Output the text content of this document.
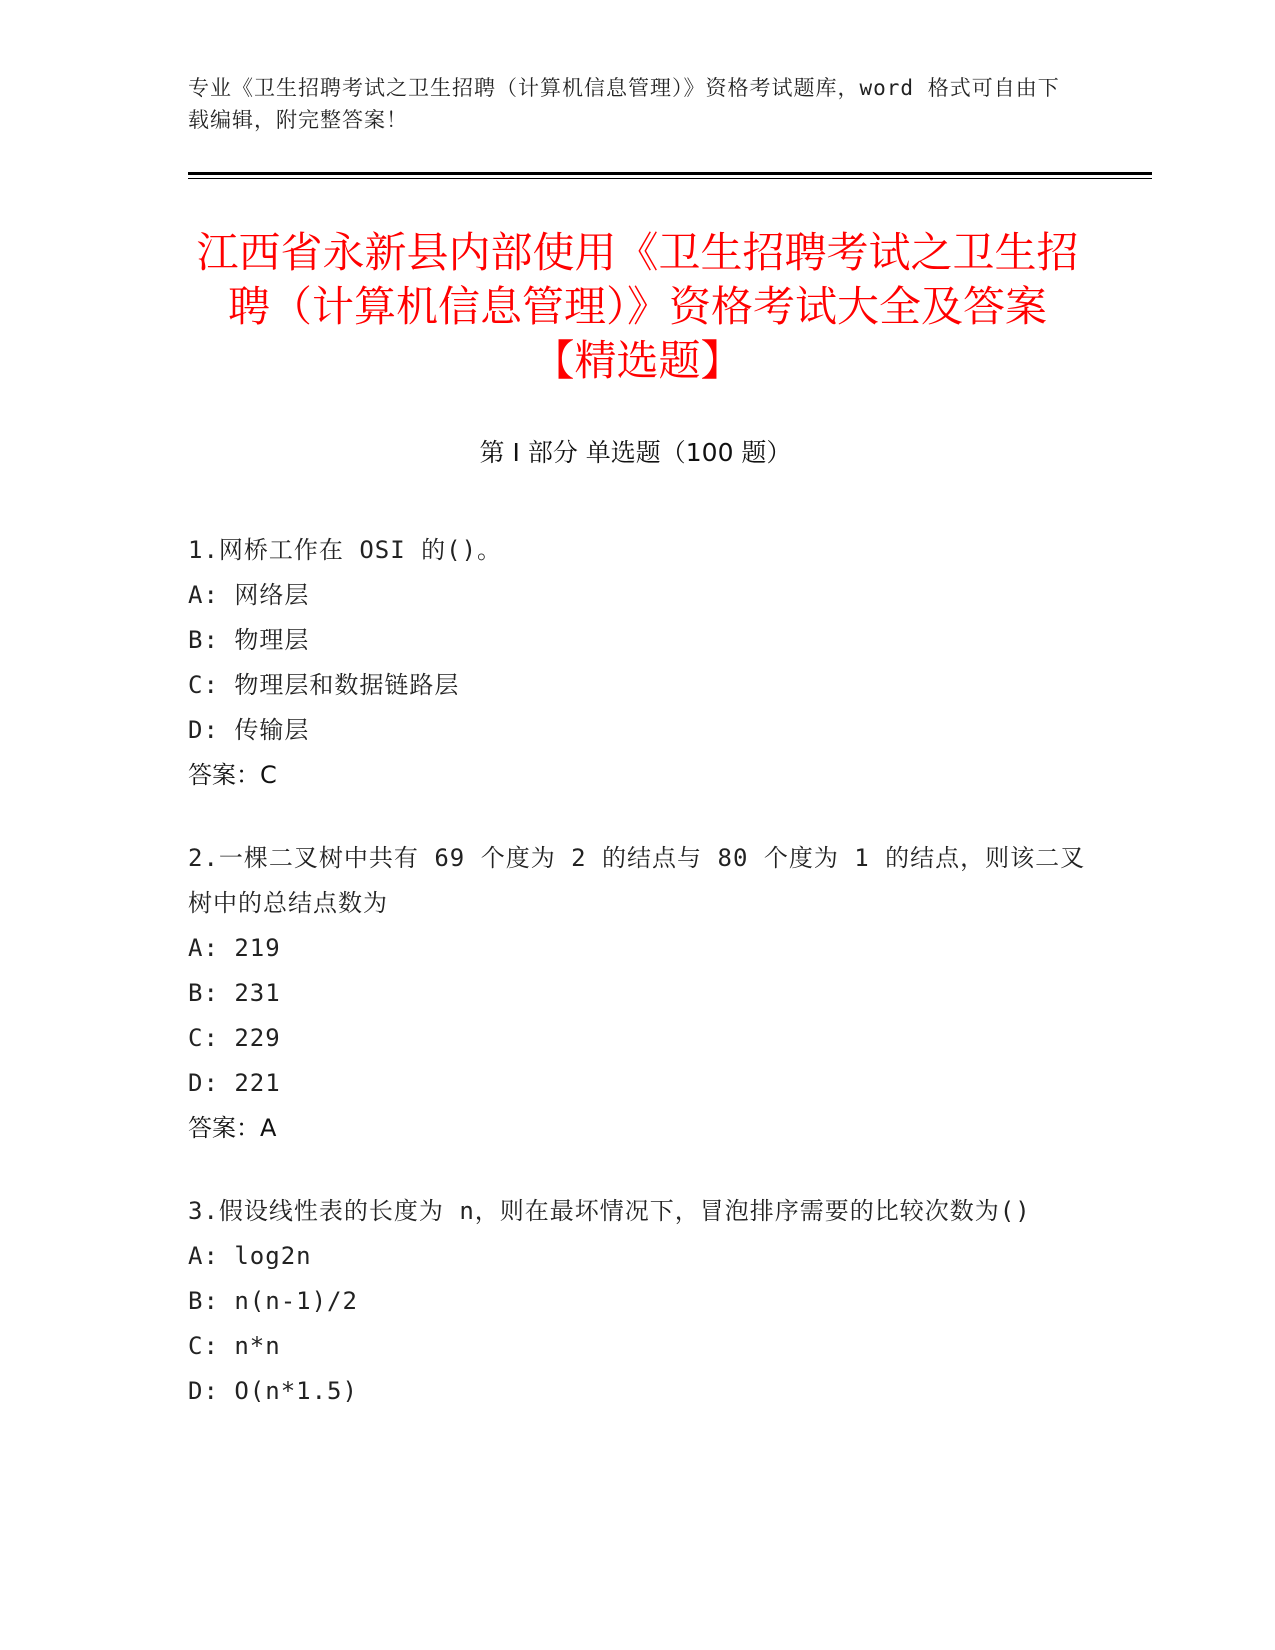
专业《卫生招聘考试之卫生招聘（计算机信息管理）》资格考试题库，word 格式可自由下载编辑，附完整答案！
江西省永新县内部使用《卫生招聘考试之卫生招聘（计算机信息管理）》资格考试大全及答案【精选题】
第 I 部分 单选题（100 题）
1.网桥工作在 OSI 的()。
A: 网络层
B: 物理层
C: 物理层和数据链路层
D: 传输层
答案：C
2.一棵二叉树中共有 69 个度为 2 的结点与 80 个度为 1 的结点，则该二叉树中的总结点数为
A: 219
B: 231
C: 229
D: 221
答案：A
3.假设线性表的长度为 n，则在最坏情况下，冒泡排序需要的比较次数为()
A: log2n
B: n(n-1)/2
C: n*n
D: O(n*1.5)
